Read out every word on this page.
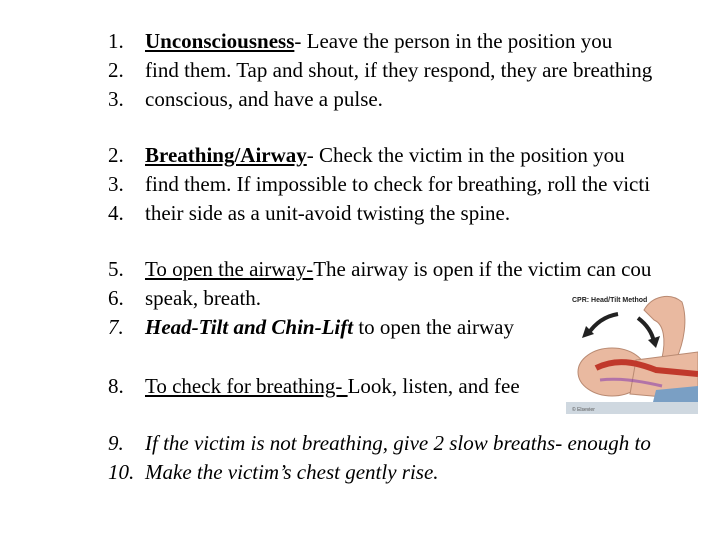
1. Unconsciousness- Leave the person in the position you
2. find them. Tap and shout, if they respond, they are breathing
3. conscious, and have a pulse.
2. Breathing/Airway- Check the victim in the position you
3. find them. If impossible to check for breathing, roll the victi
4. their side as a unit-avoid twisting the spine.
5. To open the airway-The airway is open if the victim can cou
6. speak, breath.
7. Head-Tilt and Chin-Lift to open the airway
8. To check for breathing- Look, listen, and fee
9. If the victim is not breathing, give 2 slow breaths- enough to
10. Make the victim’s chest gently rise.
CPR: Head/Tilt Method
© Elsevier
